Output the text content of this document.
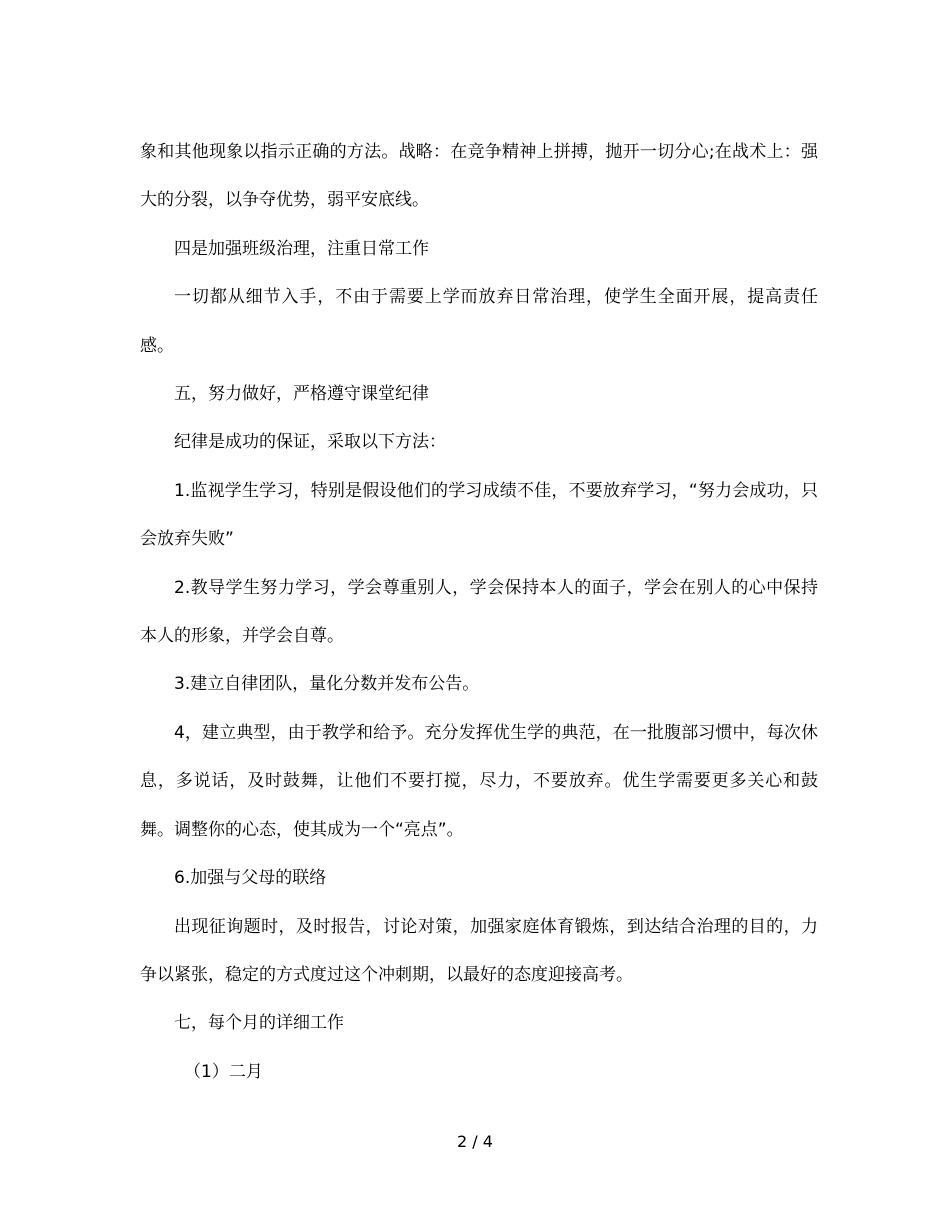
象和其他现象以指示正确的方法。战略：在竞争精神上拼搏，抛开一切分心;在战术上：强大的分裂，以争夺优势，弱平安底线。

四是加强班级治理，注重日常工作

一切都从细节入手，不由于需要上学而放弃日常治理，使学生全面开展，提高责任感。

五，努力做好，严格遵守课堂纪律

纪律是成功的保证，采取以下方法：

1.监视学生学习，特别是假设他们的学习成绩不佳，不要放弃学习，“努力会成功，只会放弃失败”

2.教导学生努力学习，学会尊重别人，学会保持本人的面子，学会在别人的心中保持本人的形象，并学会自尊。

3.建立自律团队，量化分数并发布公告。

4，建立典型，由于教学和给予。充分发挥优生学的典范，在一批腹部习惯中，每次休息，多说话，及时鼓舞，让他们不要打搅，尽力，不要放弃。优生学需要更多关心和鼓舞。调整你的心态，使其成为一个“亮点”。

6.加强与父母的联络

出现征询题时，及时报告，讨论对策，加强家庭体育锻炼，到达结合治理的目的，力争以紧张，稳定的方式度过这个冲刺期，以最好的态度迎接高考。

七，每个月的详细工作

（1）二月

2 / 4
